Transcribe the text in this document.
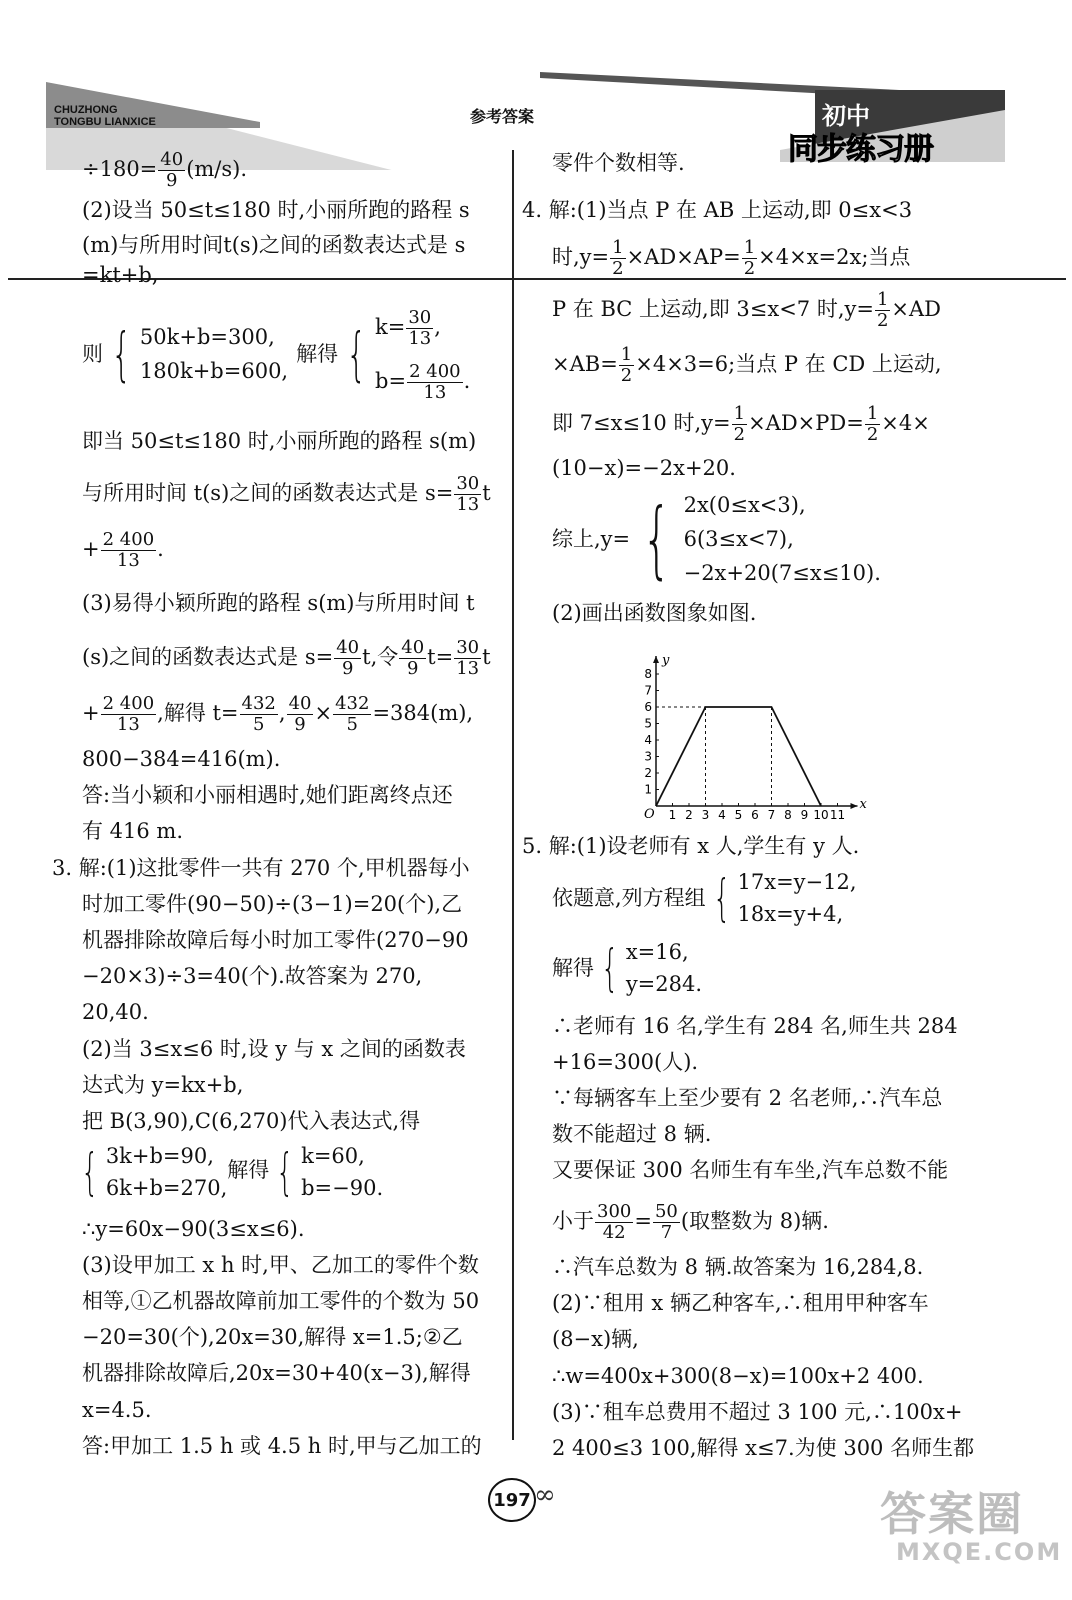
CHUZHONG
TONGBU LIANXICE	参考答案	初中
同步练习册
$\div 180= \frac{40}{9} (m/s)$.
(2)设当 50≤t≤180 时,小丽所跑的路程 s
(m)与所用时间t(s)之间的函数表达式是 s
=kt+b,
则 { 50k+b=300,
180k+b=600,
解得 { $k= \frac{30}{13}$ ,
$b= \frac{2 400}{13}$ .
即当 50≤t≤180 时,小丽所跑的路程 s(m)
与所用时间 t(s)之间的函数表达式是 $s= \frac{30}{13}$ t
+ $\frac{2 400}{13}$ .
(3)易得小颖所跑的路程 s(m)与所用时间 t
(s)之间的函数表达式是 $s= \frac{40}{9} t$,令 $\frac{40}{9} t= \frac{30}{13}$ t
+ $\frac{2 400}{13}$ ,解得 $t= \frac{432}{5}$ , $\frac{40}{9} \times \frac{432}{5} =384(m)$,
800−384=416(m).
答:当小颖和小丽相遇时,她们距离终点还
有 416 m.
3. 解:(1)这批零件一共有 270 个,甲机器每小
时加工零件(90−50)÷(3−1)=20(个),乙
机器排除故障后每小时加工零件(270−90
−20×3)÷3=40(个).故答案为 270,
20,40.
(2)当 3≤x≤6 时,设 y 与 x 之间的函数表
达式为 y=kx+b,
把 B(3,90),C(6,270)代入表达式,得
{ 3k+b=90,
6k+b=270,
解得 { k=60,
b=−90.
∴y=60x−90(3≤x≤6).
(3)设甲加工 x h 时,甲、乙加工的零件个数
相等,①乙机器故障前加工零件的个数为 50
−20=30(个),20x=30,解得 x=1.5;②乙
机器排除故障后,20x=30+40(x−3),解得
x=4.5.
答:甲加工 1.5 h 或 4.5 h 时,甲与乙加工的
零件个数相等.
4. 解:(1)当点 P 在 AB 上运动,即 0≤x<3
时$,y= \frac{1}{2} \times AD\times AP= \frac{1}{2} \times 4\times x=2x$;当点
P 在 BC 上运动,即 3≤x<7 时$,y= \frac{1}{2} \times AD$
$\times AB= \frac{1}{2} \times 4\times 3=6$;当点 P 在 CD 上运动,
即 7≤x≤10 时$,y= \frac{1}{2} \times AD\times PD= \frac{1}{2} \times 4\times$
(10−x)=−2x+20.
综上,y= { 2x(0≤x<3),
6(3≤x<7),
−2x+20(7≤x≤10).
(2)画出函数图象如图.
x
y
O 1 2 3 4 5 6 7 8 9 10 11
1
2
3
4
5
6
7
8
5. 解:(1)设老师有 x 人,学生有 y 人.
依题意,列方程组 { 17x=y−12,
18x=y+4,
解得 { x=16,
y=284.
∴老师有 16 名,学生有 284 名,师生共 284
+16=300(人).
∵每辆客车上至少要有 2 名老师,∴汽车总
数不能超过 8 辆.
又要保证 300 名师生有车坐,汽车总数不能
小于 $\frac{300}{42} = \frac{50}{7}$ (取整数为 8)辆.
∴汽车总数为 8 辆.故答案为 16,284,8.
(2)∵租用 x 辆乙种客车,∴租用甲种客车
(8−x)辆,
∴w=400x+300(8−x)=100x+2 400.
(3)∵租车总费用不超过 3 100 元,∴100x+
2 400≤3 100,解得 x≤7.为使 300 名师生都
197 ∞	答案圈
MXQE.COM
